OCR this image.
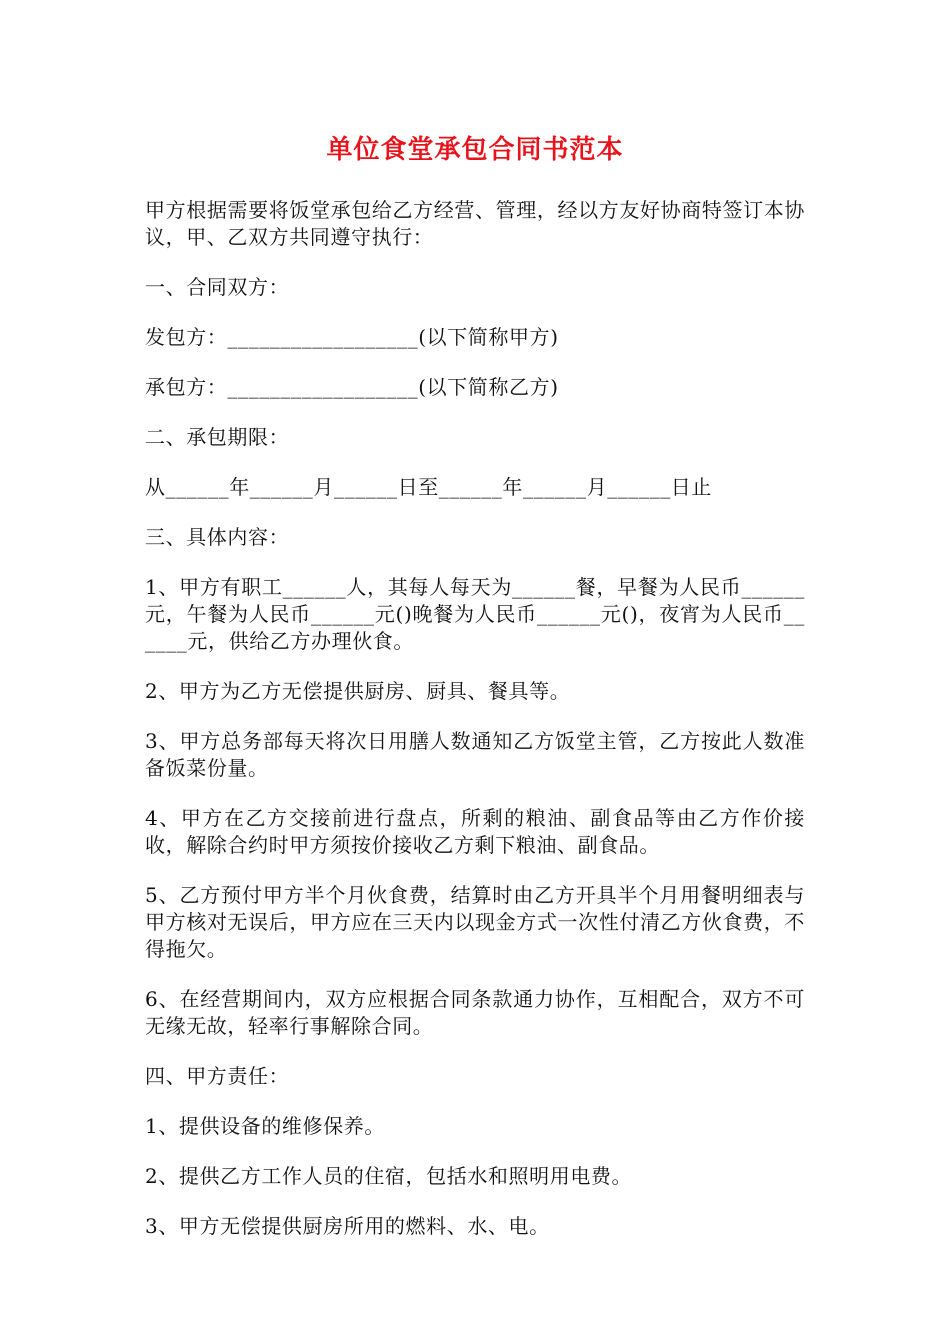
单位食堂承包合同书范本

甲方根据需要将饭堂承包给乙方经营、管理，经以方友好协商特签订本协议，甲、乙双方共同遵守执行：

一、合同双方：

发包方：__________________(以下简称甲方)

承包方：__________________(以下简称乙方)

二、承包期限：

从______年______月______日至______年______月______日止

三、具体内容：

1、甲方有职工______人，其每人每天为______餐，早餐为人民币______元，午餐为人民币______元()晚餐为人民币______元()，夜宵为人民币______元，供给乙方办理伙食。

2、甲方为乙方无偿提供厨房、厨具、餐具等。

3、甲方总务部每天将次日用膳人数通知乙方饭堂主管，乙方按此人数准备饭菜份量。

4、甲方在乙方交接前进行盘点，所剩的粮油、副食品等由乙方作价接收，解除合约时甲方须按价接收乙方剩下粮油、副食品。

5、乙方预付甲方半个月伙食费，结算时由乙方开具半个月用餐明细表与甲方核对无误后，甲方应在三天内以现金方式一次性付清乙方伙食费，不得拖欠。

6、在经营期间内，双方应根据合同条款通力协作，互相配合，双方不可无缘无故，轻率行事解除合同。

四、甲方责任：

1、提供设备的维修保养。

2、提供乙方工作人员的住宿，包括水和照明用电费。

3、甲方无偿提供厨房所用的燃料、水、电。
